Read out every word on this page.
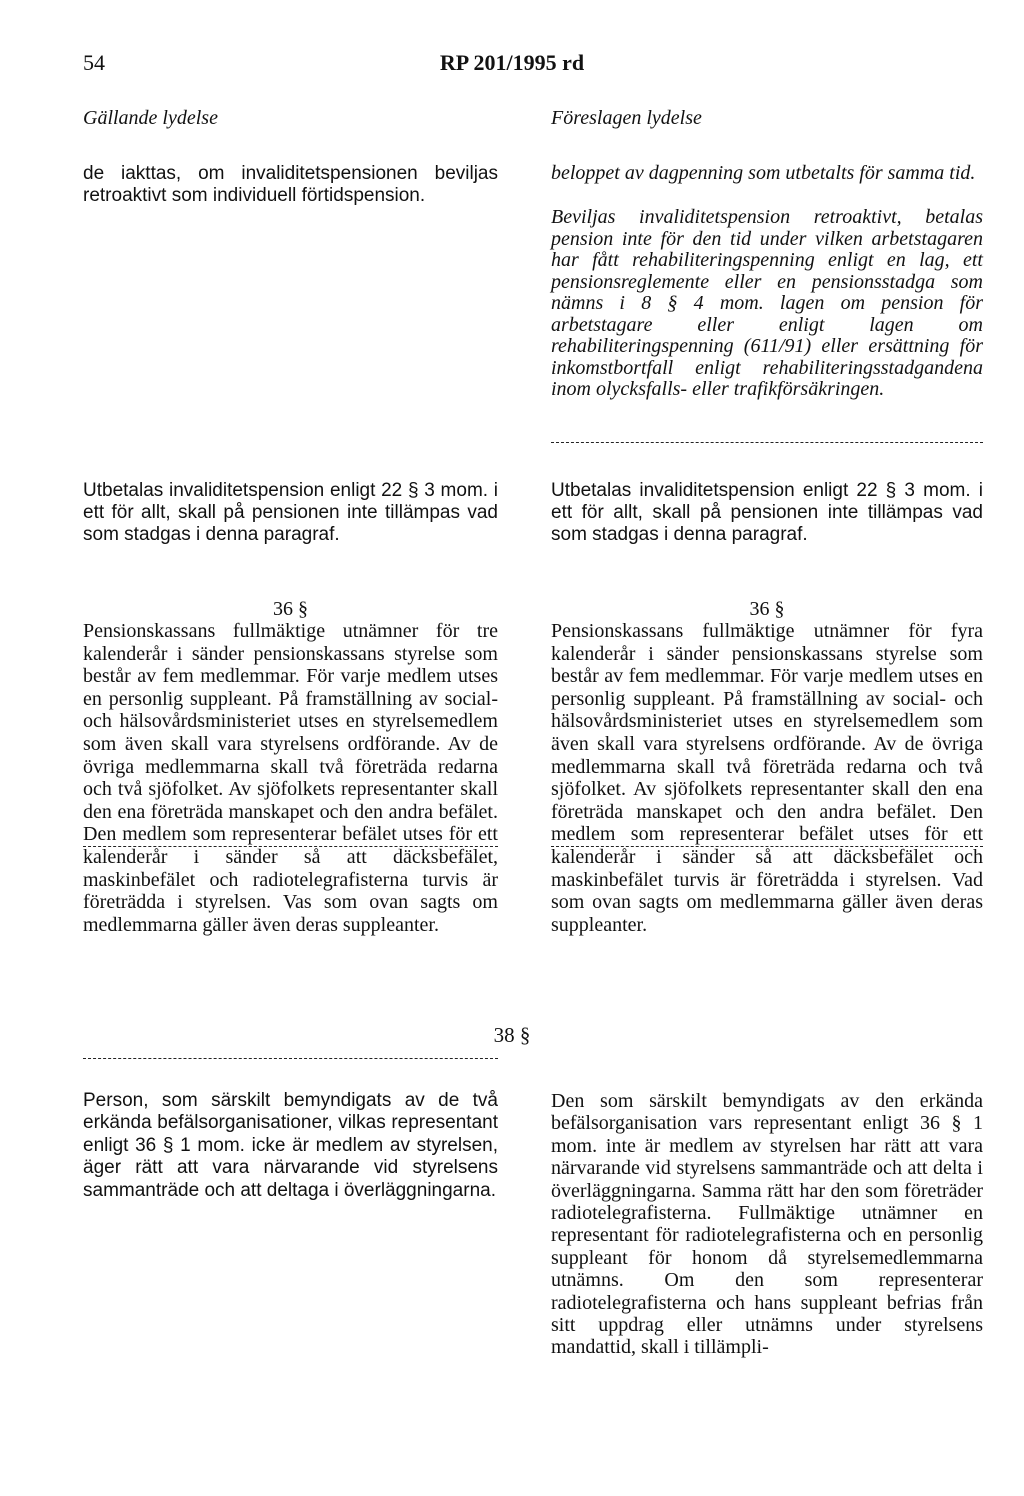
54	RP 201/1995 rd
Gällande lydelse	Föreslagen lydelse

de iakttas, om invaliditetspensionen beviljas retroaktivt som individuell förtidspension.

beloppet av dagpenning som utbetalts för samma tid.

Beviljas invaliditetspension retroaktivt, betalas pension inte för den tid under vilken arbetstagaren har fått rehabiliteringspenning enligt en lag, ett pensionsreglemente eller en pensionsstadga som nämns i 8 § 4 mom. lagen om pension för arbetstagare eller enligt lagen om rehabiliteringspenning (611/91) eller ersättning för inkomstbortfall enligt rehabiliteringsstadgandena inom olycksfalls- eller trafikförsäkringen.

Utbetalas invaliditetspension enligt 22 § 3 mom. i ett för allt, skall på pensionen inte tillämpas vad som stadgas i denna paragraf.

Utbetalas invaliditetspension enligt 22 § 3 mom. i ett för allt, skall på pensionen inte tillämpas vad som stadgas i denna paragraf.

36 §	36 §

Pensionskassans fullmäktige utnämner för tre kalenderår i sänder pensionskassans styrelse som består av fem medlemmar. För varje medlem utses en personlig suppleant. På framställning av social- och hälsovårdsministeriet utses en styrelsemedlem som även skall vara styrelsens ordförande. Av de övriga medlemmarna skall två företräda redarna och två sjöfolket. Av sjöfolkets representanter skall den ena företräda manskapet och den andra befälet. Den medlem som representerar befälet utses för ett kalenderår i sänder så att däcksbefälet, maskinbefälet och radiotelegrafisterna turvis är företrädda i styrelsen. Vas som ovan sagts om medlemmarna gäller även deras suppleanter.

Pensionskassans fullmäktige utnämner för fyra kalenderår i sänder pensionskassans styrelse som består av fem medlemmar. För varje medlem utses en personlig suppleant. På framställning av social- och hälsovårdsministeriet utses en styrelsemedlem som även skall vara styrelsens ordförande. Av de övriga medlemmarna skall två företräda redarna och två sjöfolket. Av sjöfolkets representanter skall den ena företräda manskapet och den andra befälet. Den medlem som representerar befälet utses för ett kalenderår i sänder så att däcksbefälet och maskinbefälet turvis är företrädda i styrelsen. Vad som ovan sagts om medlemmarna gäller även deras suppleanter.

38 §

Person, som särskilt bemyndigats av de två erkända befälsorganisationer, vilkas representant enligt 36 § 1 mom. icke är medlem av styrelsen, äger rätt att vara närvarande vid styrelsens sammanträde och att deltaga i överläggningarna.

Den som särskilt bemyndigats av den erkända befälsorganisation vars representant enligt 36 § 1 mom. inte är medlem av styrelsen har rätt att vara närvarande vid styrelsens sammanträde och att delta i överläggningarna. Samma rätt har den som företräder radiotelegrafisterna. Fullmäktige utnämner en representant för radiotelegrafisterna och en personlig suppleant för honom då styrelsemedlemmarna utnämns. Om den som representerar radiotelegrafisterna och hans suppleant befrias från sitt uppdrag eller utnämns under styrelsens mandattid, skall i tillämpli-
